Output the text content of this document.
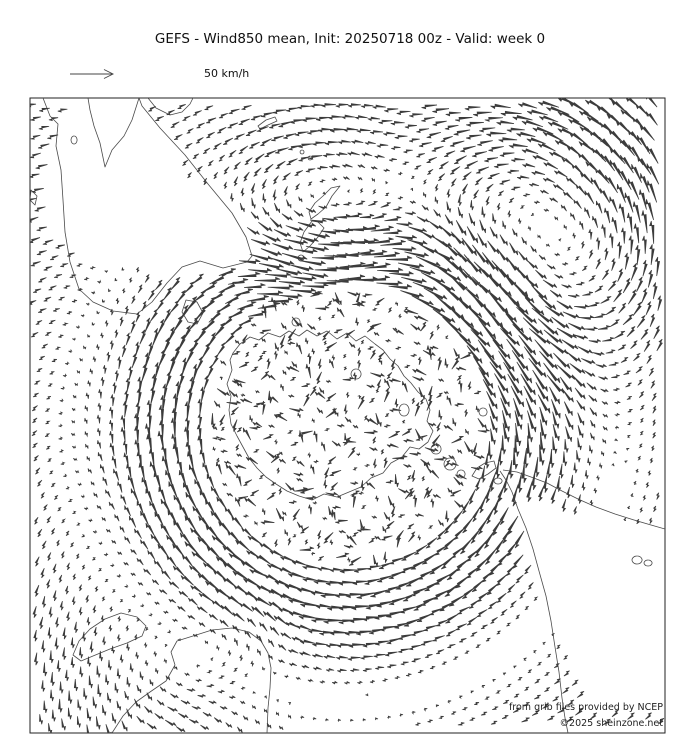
GEFS - Wind850 mean, Init: 20250718 00z - Valid: week 0
50 km/h
from grib files provided by NCEP
©2025 sheinzone.net
